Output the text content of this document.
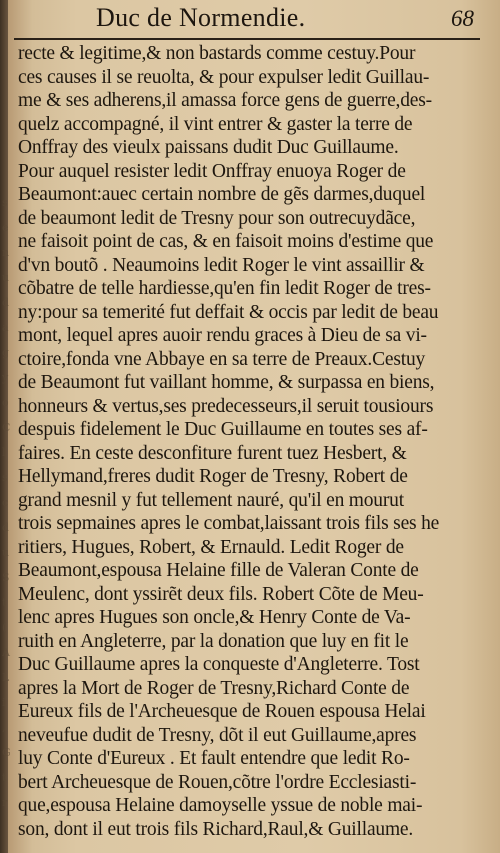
s
e
n
u
d
a
g
y
o
C
l
s
c
d
u
S
t
(
A
L
i
,
G
t
r
Duc de Normendie.	68
recte & legitime,& non bastards comme cestuy.Pour
ces causes il se reuolta, & pour expulser ledit Guillau-
me & ses adherens,il amassa force gens de guerre,des-
quelz accompagné, il vint entrer & gaster la terre de
Onffray des vieulx paissans dudit Duc Guillaume.
Pour auquel resister ledit Onffray enuoya Roger de
Beaumont:auec certain nombre de gẽs darmes,duquel
de beaumont ledit de Tresny pour son outrecuydãce,
ne faisoit point de cas, & en faisoit moins d'estime que
d'vn boutõ . Neaumoins ledit Roger le vint assaillir &
cõbatre de telle hardiesse,qu'en fin ledit Roger de tres-
ny:pour sa temerité fut deffait & occis par ledit de beau
mont, lequel apres auoir rendu graces à Dieu de sa vi-
ctoire,fonda vne Abbaye en sa terre de Preaux.Cestuy
de Beaumont fut vaillant homme, & surpassa en biens,
honneurs & vertus,ses predecesseurs,il seruit tousiours
despuis fidelement le Duc Guillaume en toutes ses af-
faires. En ceste desconfiture furent tuez Hesbert, &
Hellymand,freres dudit Roger de Tresny, Robert de
grand mesnil y fut tellement nauré, qu'il en mourut
trois sepmaines apres le combat,laissant trois fils ses he
ritiers, Hugues, Robert, & Ernauld. Ledit Roger de
Beaumont,espousa Helaine fille de Valeran Conte de
Meulenc, dont yssirẽt deux fils. Robert Cõte de Meu-
lenc apres Hugues son oncle,& Henry Conte de Va-
ruith en Angleterre, par la donation que luy en fit le
Duc Guillaume apres la conqueste d'Angleterre. Tost
apres la Mort de Roger de Tresny,Richard Conte de
Eureux fils de l'Archeuesque de Rouen espousa Helai
neveufue dudit de Tresny, dõt il eut Guillaume,apres
luy Conte d'Eureux . Et fault entendre que ledit Ro-
bert Archeuesque de Rouen,cõtre l'ordre Ecclesiasti-
que,espousa Helaine damoyselle yssue de noble mai-
son, dont il eut trois fils Richard,Raul,& Guillaume.
